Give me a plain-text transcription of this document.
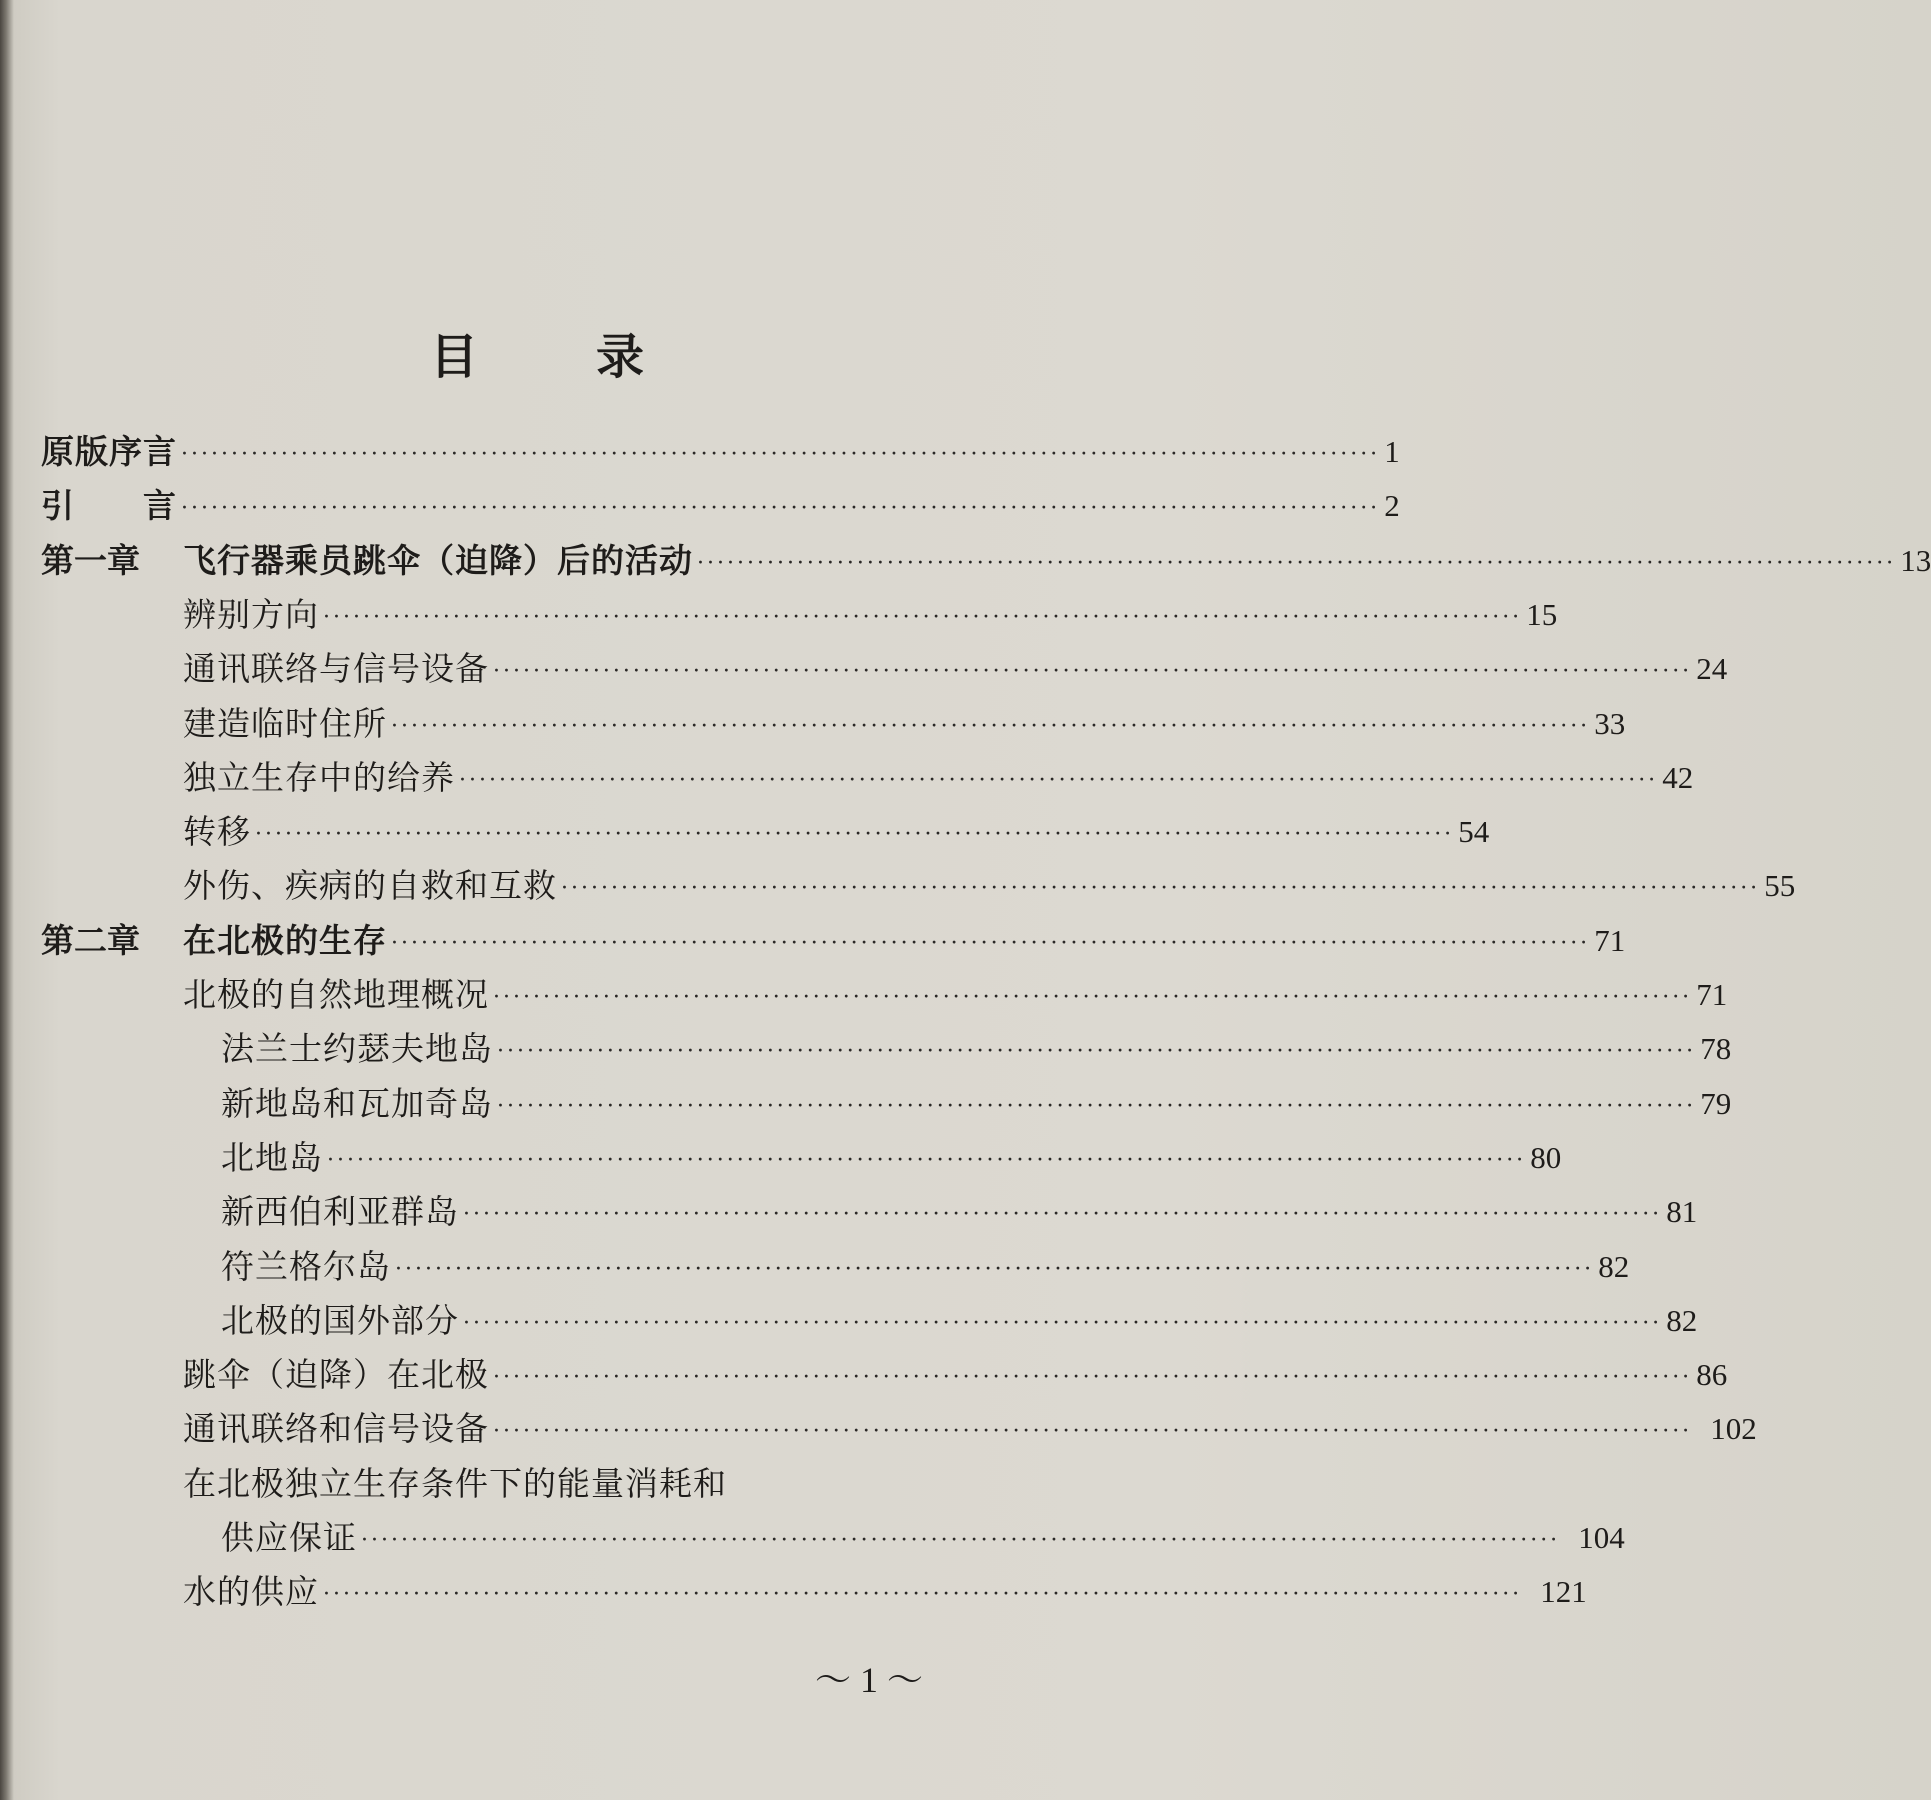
目 录
原版序言 ························································································································ 1
引　　言 ························································································································ 2
第一章	飞行器乘员跳伞（迫降）后的活动 ························································································································ 13
辨别方向 ························································································································ 15
通讯联络与信号设备 ························································································································ 24
建造临时住所 ························································································································ 33
独立生存中的给养 ························································································································ 42
转移 ························································································································ 54
外伤、疾病的自救和互救 ························································································································ 55
第二章	在北极的生存 ························································································································ 71
北极的自然地理概况 ························································································································ 71
法兰士约瑟夫地岛 ························································································································ 78
新地岛和瓦加奇岛 ························································································································ 79
北地岛 ························································································································ 80
新西伯利亚群岛 ························································································································ 81
符兰格尔岛 ························································································································ 82
北极的国外部分 ························································································································ 82
跳伞（迫降）在北极 ························································································································ 86
通讯联络和信号设备 ························································································································ 102
在北极独立生存条件下的能量消耗和
供应保证 ························································································································ 104
水的供应 ························································································································ 121
～ 1 ～
